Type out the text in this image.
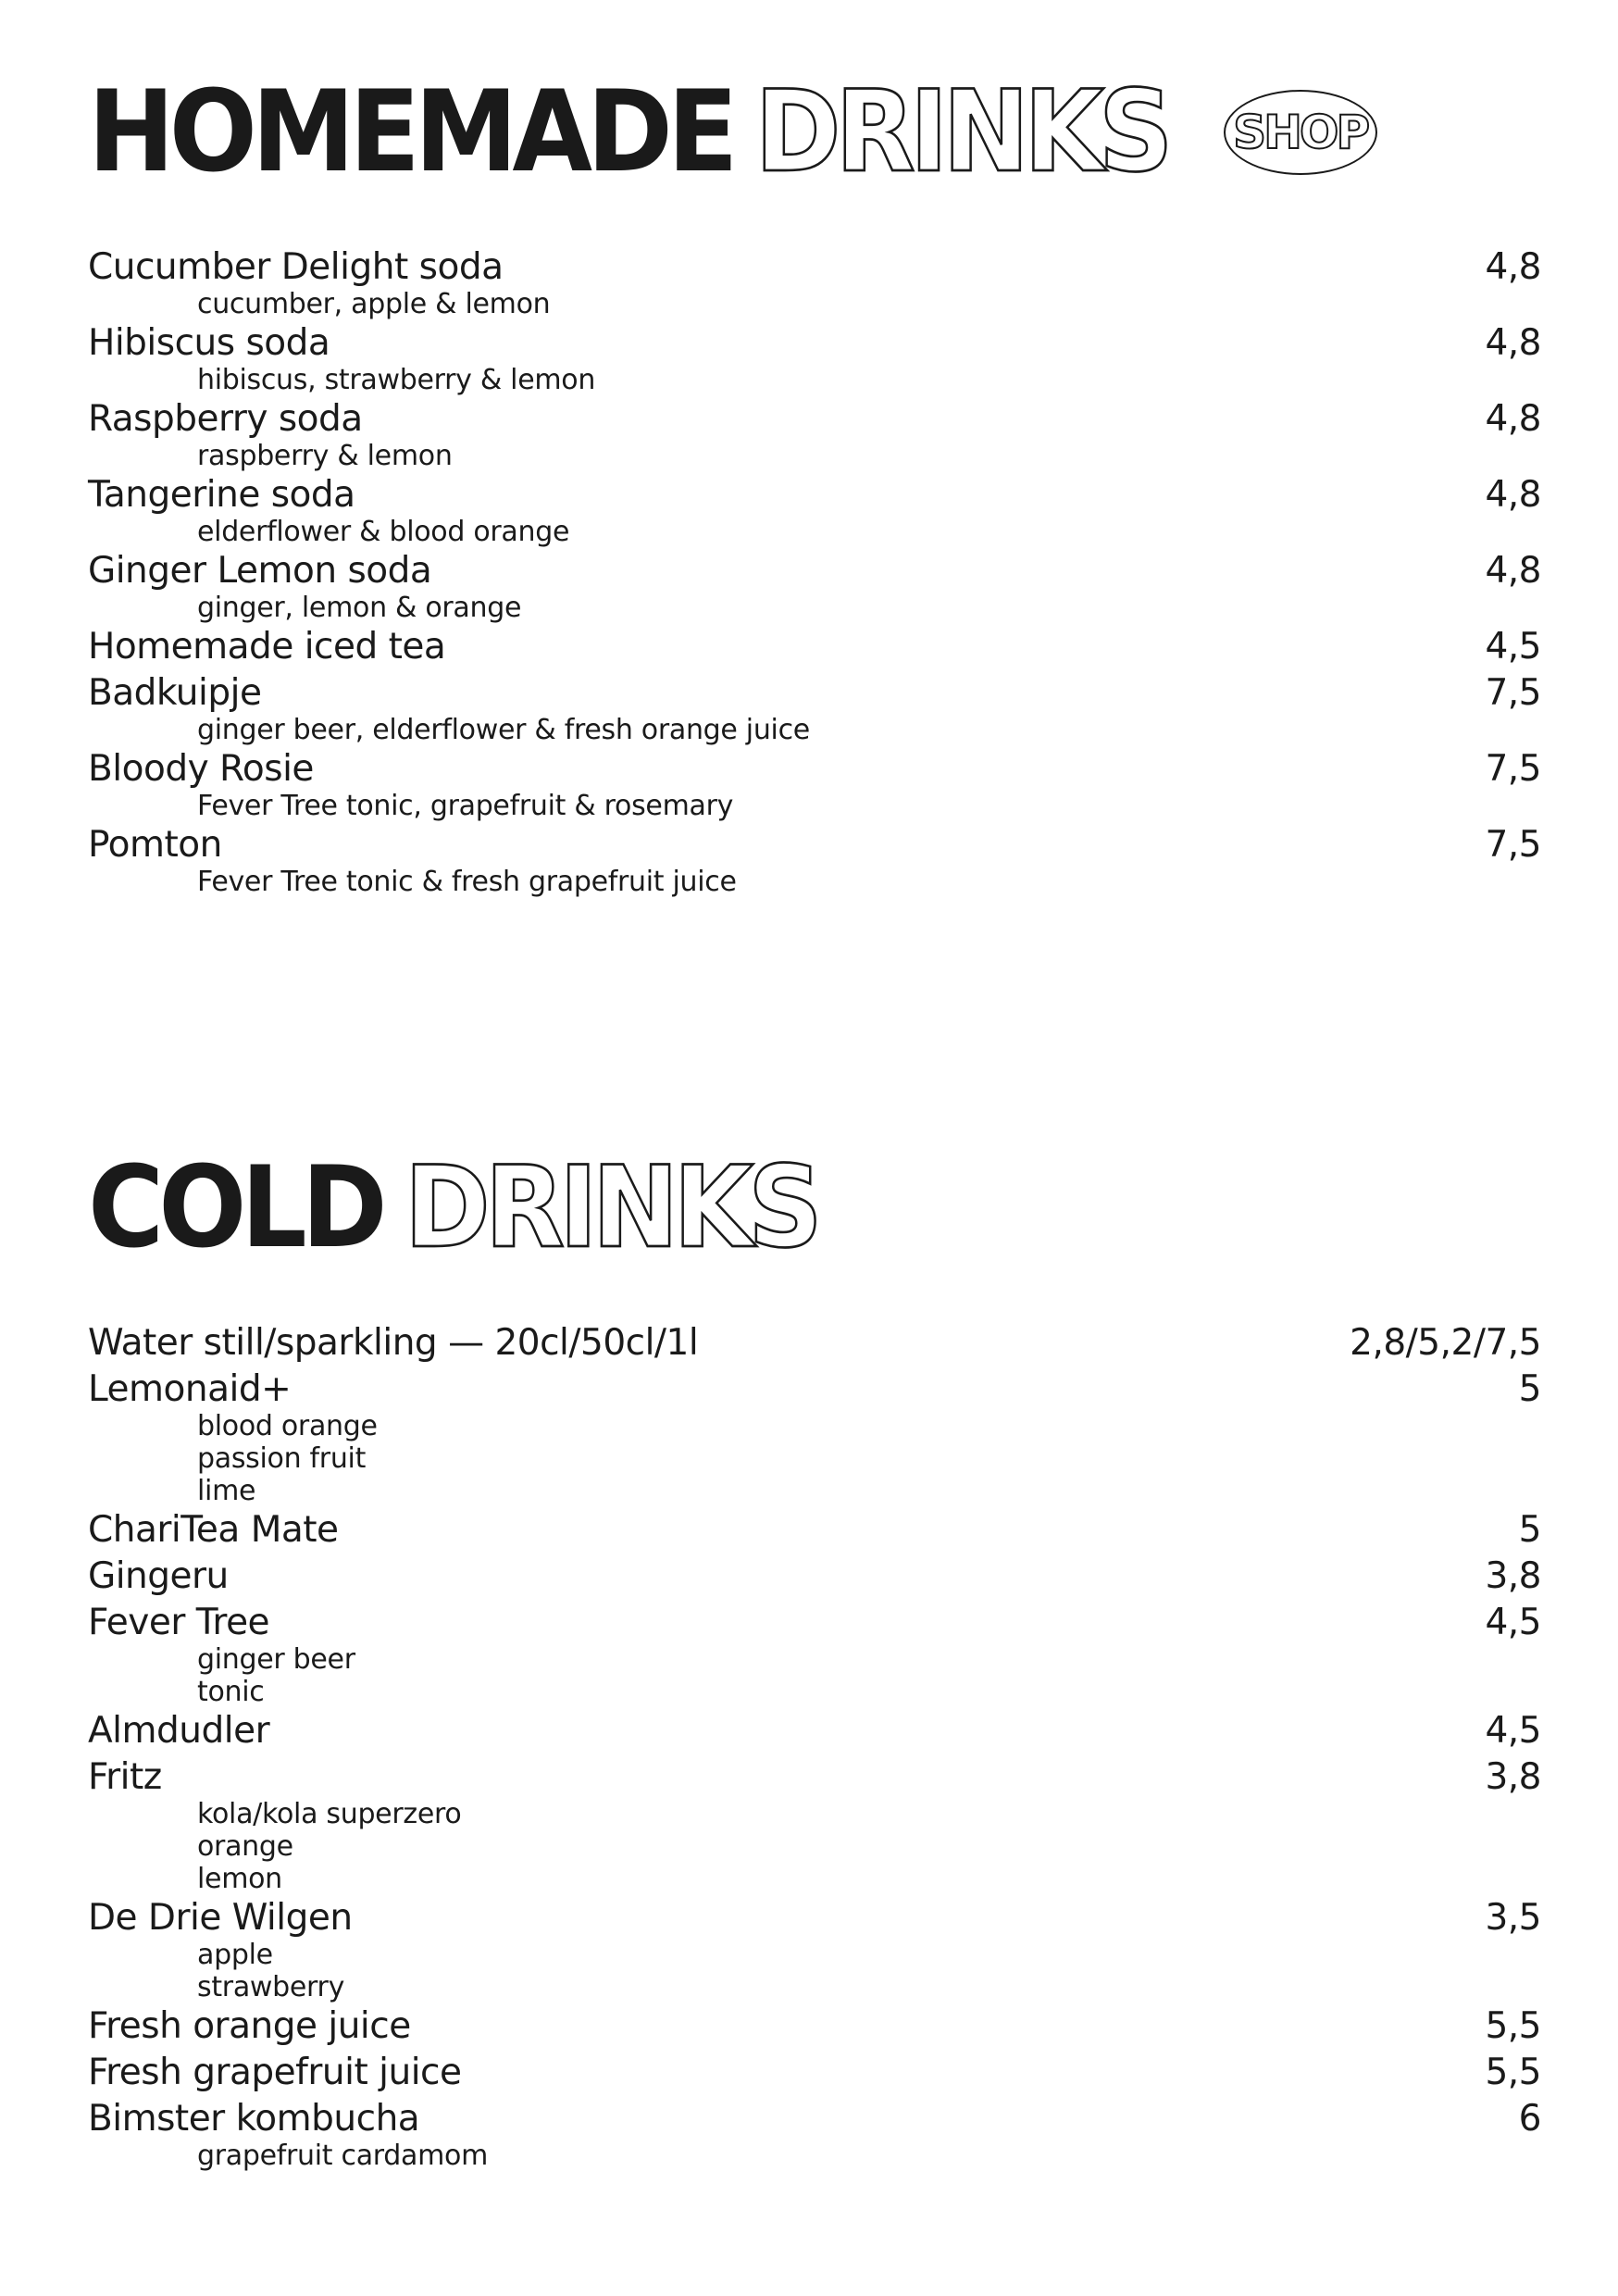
HOMEMADE DRINKS SHOP
Cucumber Delight soda	4,8
cucumber, apple & lemon
Hibiscus soda	4,8
hibiscus, strawberry & lemon
Raspberry soda	4,8
raspberry & lemon
Tangerine soda	4,8
elderflower & blood orange
Ginger Lemon soda	4,8
ginger, lemon & orange
Homemade iced tea	4,5
Badkuipje	7,5
ginger beer, elderflower & fresh orange juice
Bloody Rosie	7,5
Fever Tree tonic, grapefruit & rosemary
Pomton	7,5
Fever Tree tonic & fresh grapefruit juice
COLD DRINKS
Water still/sparkling — 20cl/50cl/1l	2,8/5,2/7,5
Lemonaid+	5
blood orange
passion fruit
lime
ChariTea Mate	5
Gingeru	3,8
Fever Tree	4,5
ginger beer
tonic
Almdudler	4,5
Fritz	3,8
kola/kola superzero
orange
lemon
De Drie Wilgen	3,5
apple
strawberry
Fresh orange juice	5,5
Fresh grapefruit juice	5,5
Bimster kombucha	6
grapefruit cardamom
